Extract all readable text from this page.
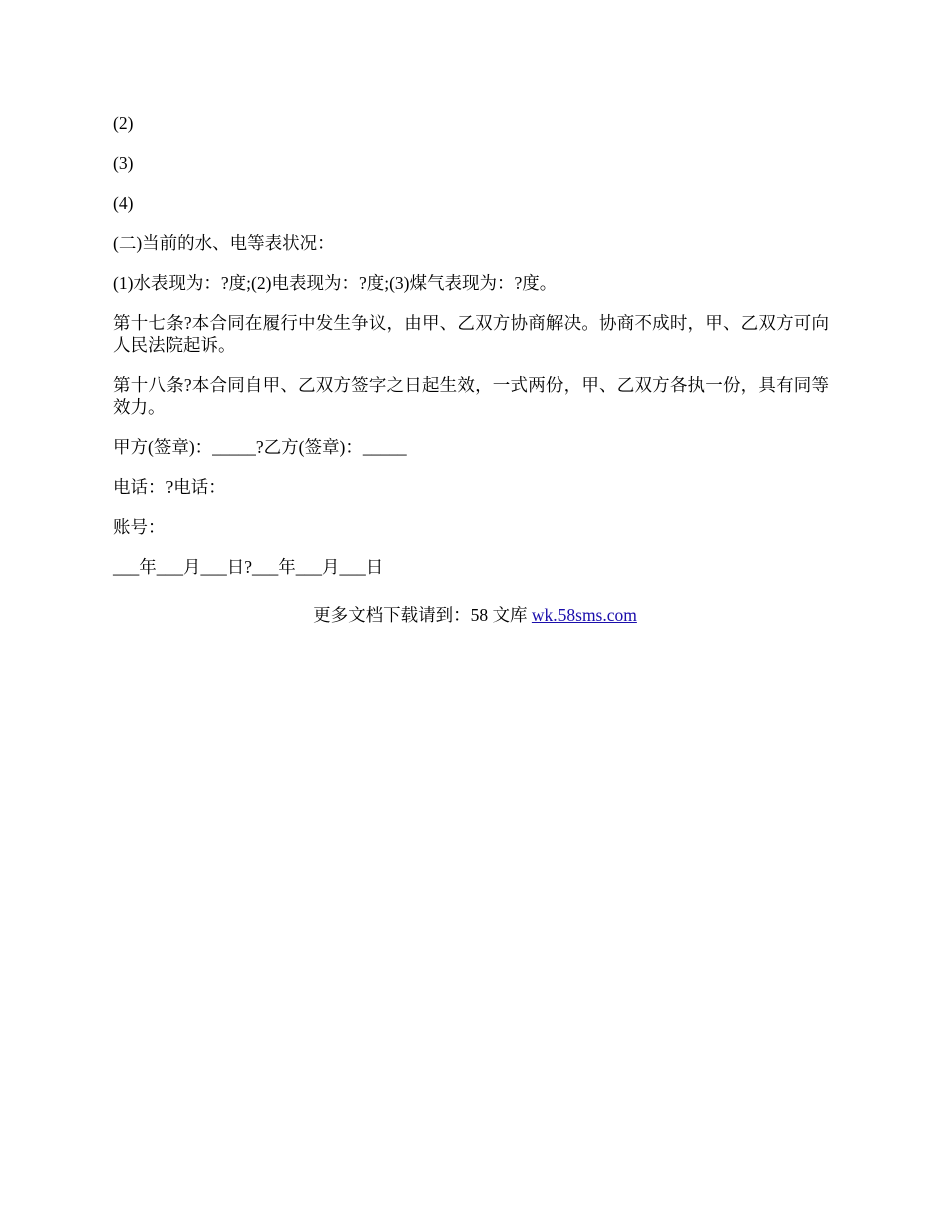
(2)

(3)

(4)

(二)当前的水、电等表状况：

(1)水表现为：?度;(2)电表现为：?度;(3)煤气表现为：?度。

第十七条?本合同在履行中发生争议，由甲、乙双方协商解决。协商不成时，甲、乙双方可向人民法院起诉。

第十八条?本合同自甲、乙双方签字之日起生效，一式两份，甲、乙双方各执一份，具有同等效力。

甲方(签章)：_____?乙方(签章)：_____

电话：?电话：

账号：

___年___月___日?___年___月___日

更多文档下载请到：58 文库 wk.58sms.com
